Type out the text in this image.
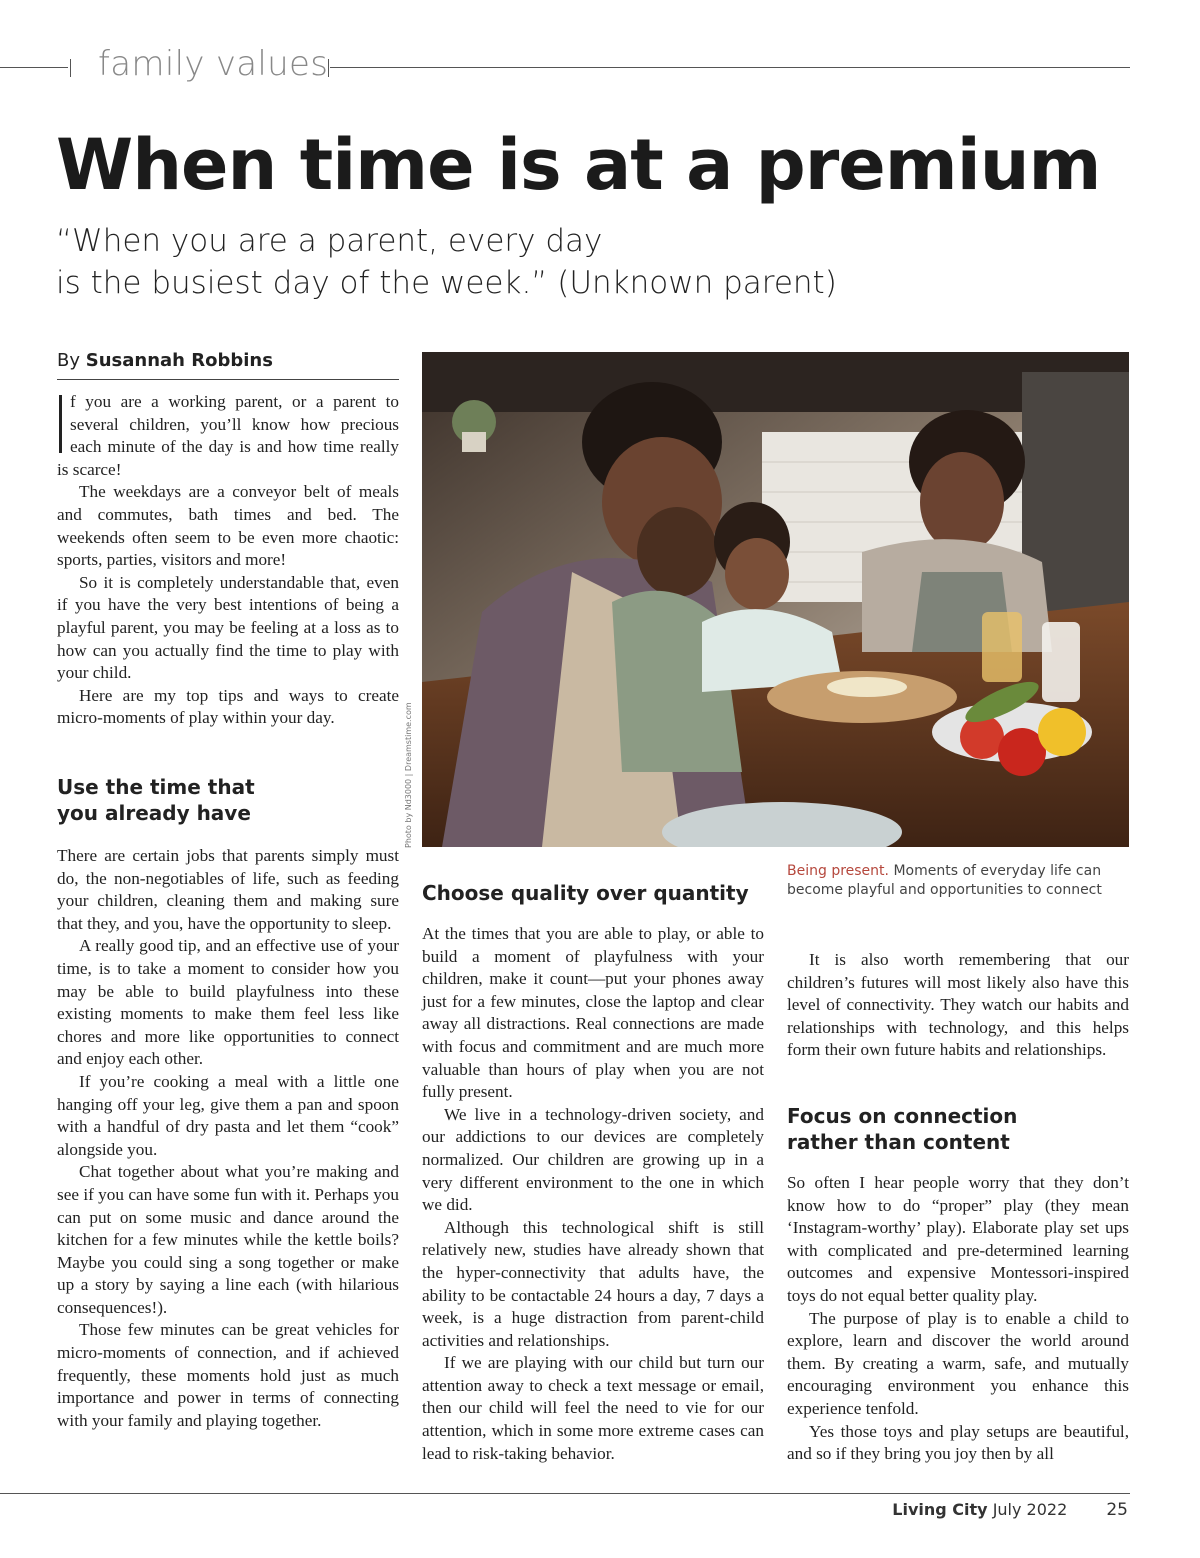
family values
When time is at a premium
“When you are a parent, every day
is the busiest day of the week.” (Unknown parent)
By Susannah Robbins

f you are a working parent, or a parent to several children, you’ll know how precious each minute of the day is and how time really is scarce!

The weekdays are a conveyor belt of meals and commutes, bath times and bed. The weekends often seem to be even more chaotic: sports, parties, visitors and more!

So it is completely understandable that, even if you have the very best intentions of being a playful parent, you may be feeling at a loss as to how can you actually find the time to play with your child.

Here are my top tips and ways to create micro-moments of play within your day.

Use the time that
you already have

There are certain jobs that parents simply must do, the non-negotiables of life, such as feeding your children, cleaning them and making sure that they, and you, have the opportunity to sleep.

A really good tip, and an effective use of your time, is to take a moment to consider how you may be able to build playfulness into these existing moments to make them feel less like chores and more like opportunities to connect and enjoy each other.

If you’re cooking a meal with a little one hanging off your leg, give them a pan and spoon with a handful of dry pasta and let them “cook” alongside you.

Chat together about what you’re making and see if you can have some fun with it. Perhaps you can put on some music and dance around the kitchen for a few minutes while the kettle boils? Maybe you could sing a song together or make up a story by saying a line each (with hilarious consequences!).

Those few minutes can be great vehicles for micro-moments of connection, and if achieved frequently, these moments hold just as much importance and power in terms of connecting with your family and playing together.

Photo by Nd3000 | Dreamstime.com
Being present. Moments of everyday life can become playful and opportunities to connect
Choose quality over quantity

At the times that you are able to play, or able to build a moment of playfulness with your children, make it count—put your phones away just for a few minutes, close the laptop and clear away all distractions. Real connections are made with focus and commitment and are much more valuable than hours of play when you are not fully present.

We live in a technology-driven society, and our addictions to our devices are completely normalized. Our children are growing up in a very different environment to the one in which we did.

Although this technological shift is still relatively new, studies have already shown that the hyper-connectivity that adults have, the ability to be contactable 24 hours a day, 7 days a week, is a huge distraction from parent-child activities and relationships.

If we are playing with our child but turn our attention away to check a text message or email, then our child will feel the need to vie for our attention, which in some more extreme cases can lead to risk-taking behavior.

It is also worth remembering that our children’s futures will most likely also have this level of connectivity. They watch our habits and relationships with technology, and this helps form their own future habits and relationships.

Focus on connection
rather than content

So often I hear people worry that they don’t know how to do “proper” play (they mean ‘Instagram-worthy’ play). Elaborate play set ups with complicated and pre-determined learning outcomes and expensive Montessori-inspired toys do not equal better quality play.

The purpose of play is to enable a child to explore, learn and discover the world around them. By creating a warm, safe, and mutually encouraging environment you enhance this experience tenfold.

Yes those toys and play setups are beautiful, and so if they bring you joy then by all

Living City July 2022 25
